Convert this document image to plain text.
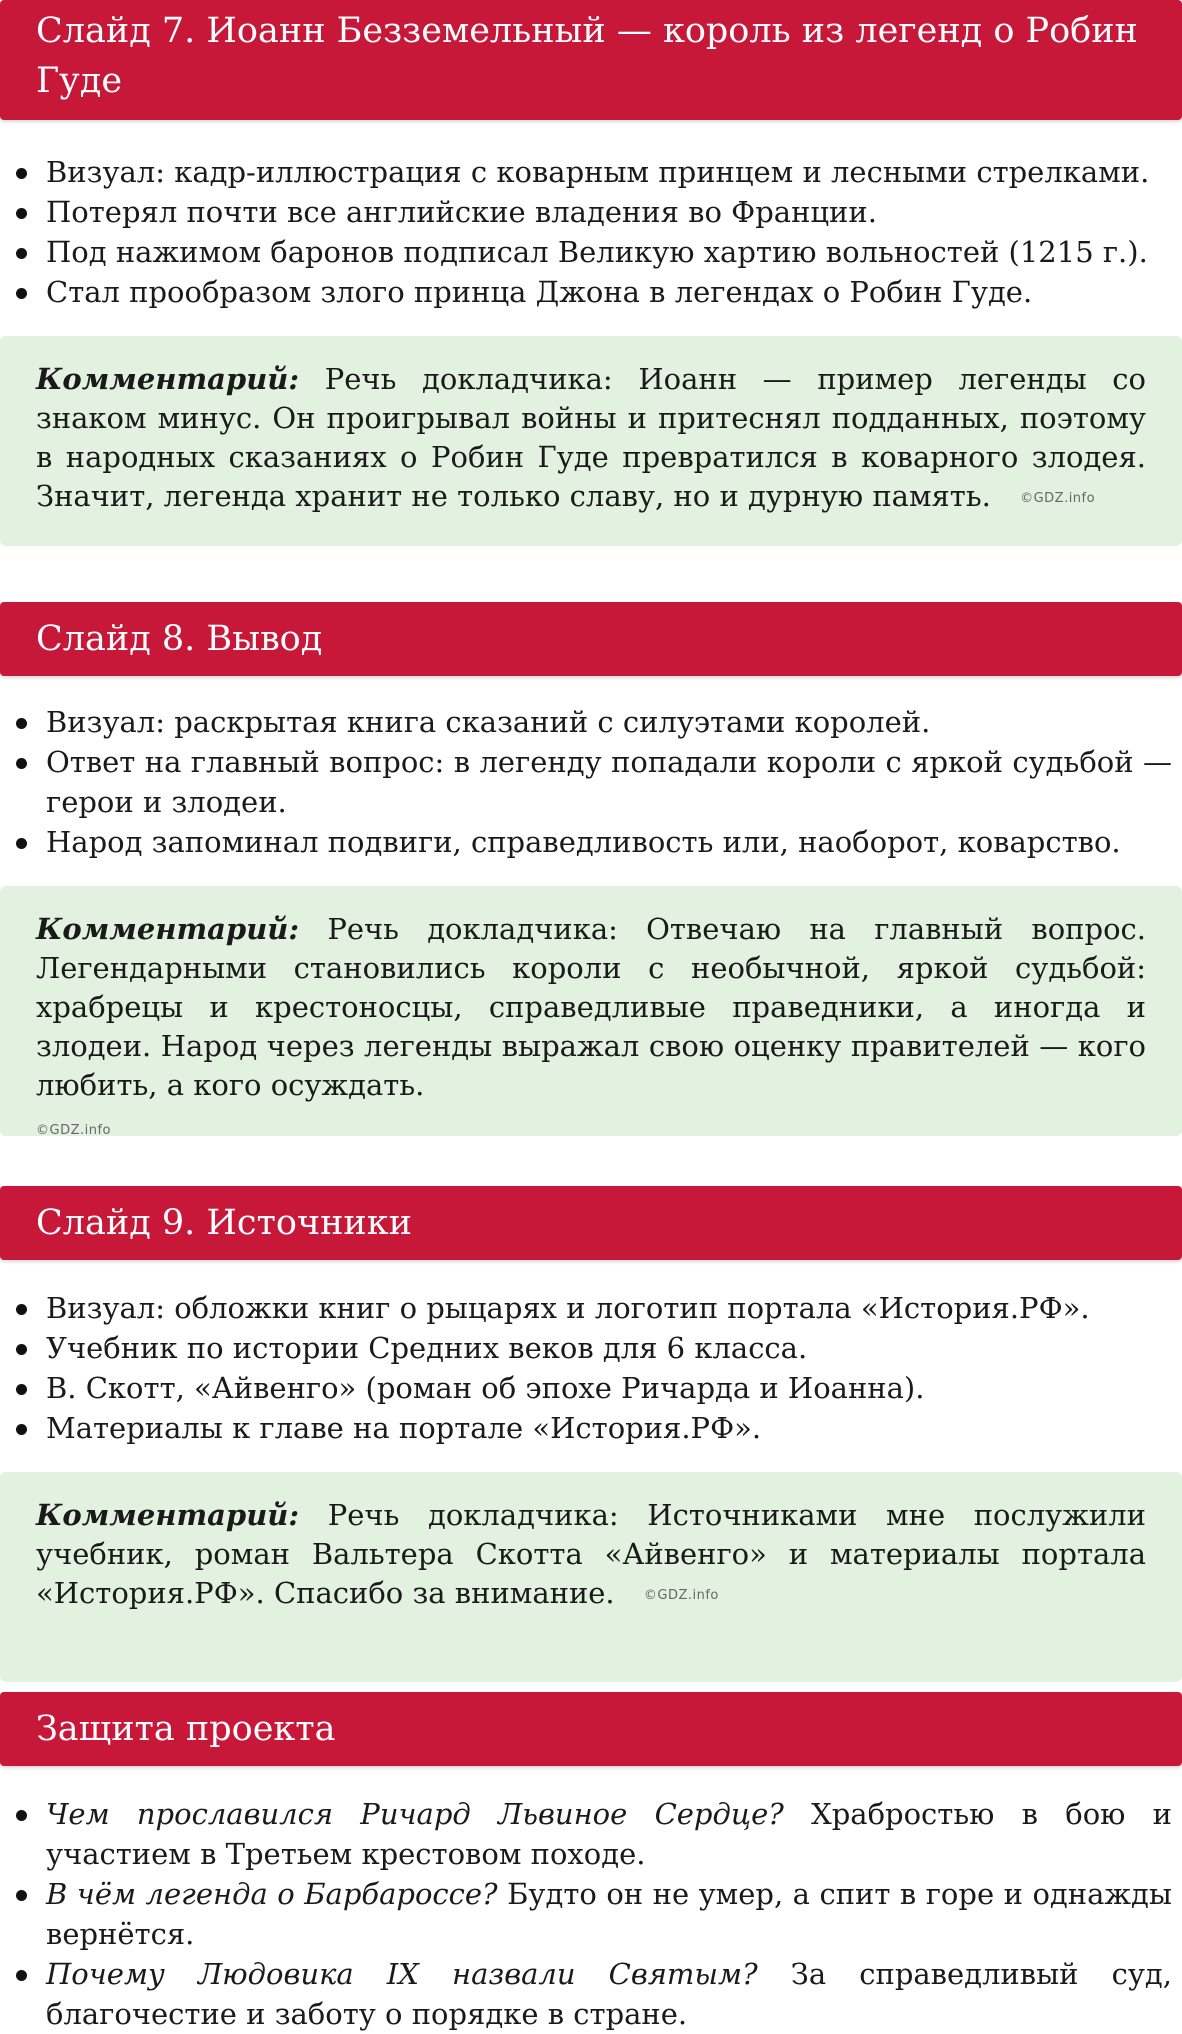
Слайд 7. Иоанн Безземельный — король из легенд о Робин Гуде
Визуал: кадр-иллюстрация с коварным принцем и лесными стрелками.
Потерял почти все английские владения во Франции.
Под нажимом баронов подписал Великую хартию вольностей (1215 г.).
Стал прообразом злого принца Джона в легендах о Робин Гуде.
Комментарий: Речь докладчика: Иоанн — пример легенды со знаком минус. Он проигрывал войны и притеснял подданных, поэтому в народных сказаниях о Робин Гуде превратился в коварного злодея. Значит, легенда хранит не только славу, но и дурную память. ©GDZ.info
Слайд 8. Вывод
Визуал: раскрытая книга сказаний с силуэтами королей.
Ответ на главный вопрос: в легенду попадали короли с яркой судьбой — герои и злодеи.
Народ запоминал подвиги, справедливость или, наоборот, коварство.
Комментарий: Речь докладчика: Отвечаю на главный вопрос. Легендарными становились короли с необычной, яркой судьбой: храбрецы и крестоносцы, справедливые праведники, а иногда и злодеи. Народ через легенды выражал свою оценку правителей — кого любить, а кого осуждать.
©GDZ.info
Слайд 9. Источники
Визуал: обложки книг о рыцарях и логотип портала «История.РФ».
Учебник по истории Средних веков для 6 класса.
В. Скотт, «Айвенго» (роман об эпохе Ричарда и Иоанна).
Материалы к главе на портале «История.РФ».
Комментарий: Речь докладчика: Источниками мне послужили учебник, роман Вальтера Скотта «Айвенго» и материалы портала «История.РФ». Спасибо за внимание. ©GDZ.info
Защита проекта
Чем прославился Ричард Львиное Сердце? Храбростью в бою и участием в Третьем крестовом походе.
В чём легенда о Барбароссе? Будто он не умер, а спит в горе и однажды вернётся.
Почему Людовика IX назвали Святым? За справедливый суд, благочестие и заботу о порядке в стране.
